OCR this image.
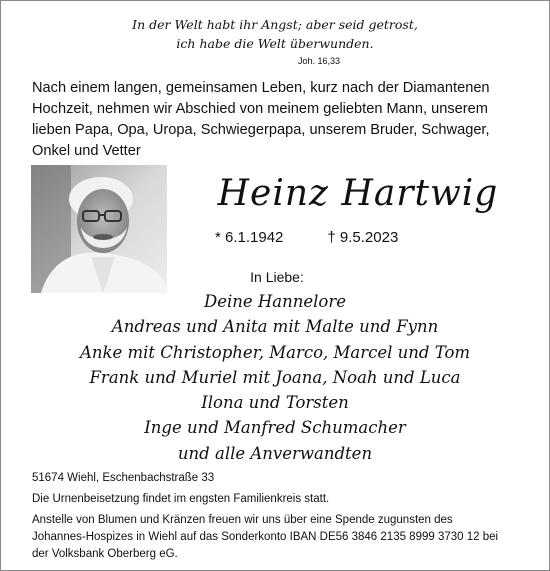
In der Welt habt ihr Angst; aber seid getrost,
ich habe die Welt überwunden.
Joh. 16,33
Nach einem langen, gemeinsamen Leben, kurz nach der Diamantenen
Hochzeit, nehmen wir Abschied von meinem geliebten Mann, unserem
lieben Papa, Opa, Uropa, Schwiegerpapa, unserem Bruder, Schwager,
Onkel und Vetter
Heinz Hartwig
* 6.1.1942	† 9.5.2023
In Liebe:
Deine Hannelore
Andreas und Anita mit Malte und Fynn
Anke mit Christopher, Marco, Marcel und Tom
Frank und Muriel mit Joana, Noah und Luca
Ilona und Torsten
Inge und Manfred Schumacher
und alle Anverwandten
51674 Wiehl, Eschenbachstraße 33
Die Urnenbeisetzung findet im engsten Familienkreis statt.
Anstelle von Blumen und Kränzen freuen wir uns über eine Spende zugunsten des
Johannes-Hospizes in Wiehl auf das Sonderkonto IBAN DE56 3846 2135 8999 3730 12 bei
der Volksbank Oberberg eG.
